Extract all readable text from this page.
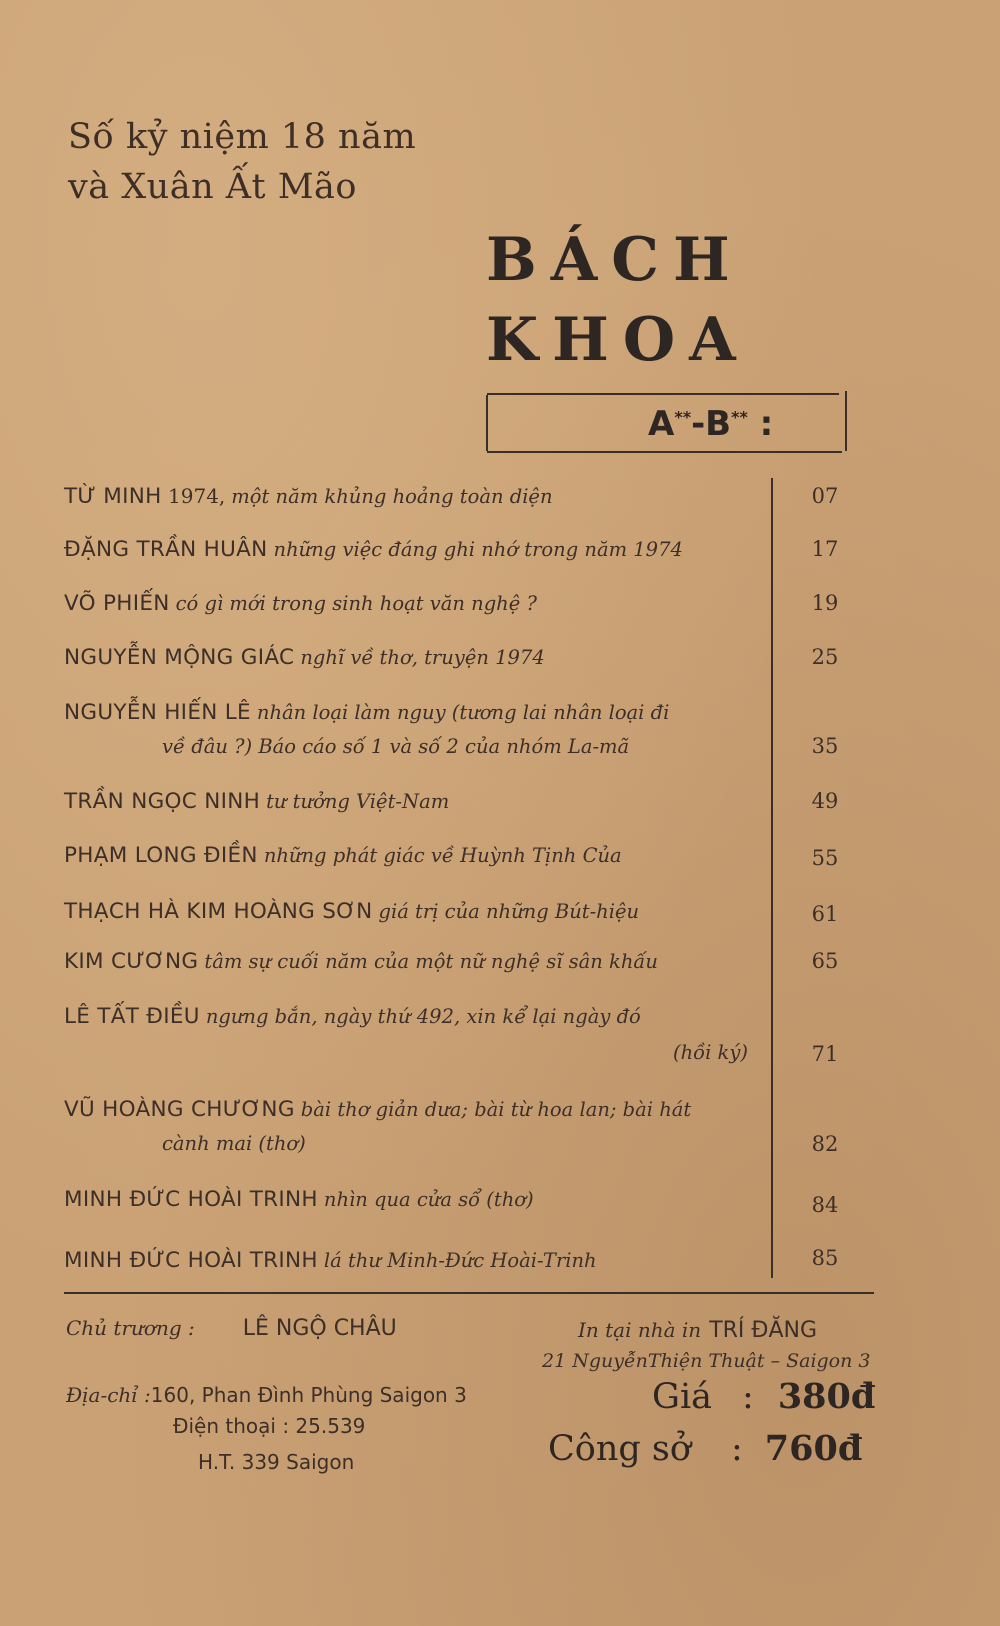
Số kỷ niệm 18 năm
và Xuân Ất Mão
BÁCH
KHOA
A**-B** :
TỪ MINH 1974, một năm khủng hoảng toàn diện	07
ĐẶNG TRẦN HUÂN những việc đáng ghi nhớ trong năm 1974	17
VÕ PHIẾN có gì mới trong sinh hoạt văn nghệ ?	19
NGUYỄN MỘNG GIÁC nghĩ về thơ, truyện 1974	25
NGUYỄN HIẾN LÊ nhân loại làm nguy (tương lai nhân loại đi
về đâu ?) Báo cáo số 1 và số 2 của nhóm La-mã	35
TRẦN NGỌC NINH tư tưởng Việt-Nam	49
PHẠM LONG ĐIỀN những phát giác về Huỳnh Tịnh Của	55
THẠCH HÀ KIM HOÀNG SƠN giá trị của những Bút-hiệu	61
KIM CƯƠNG tâm sự cuối năm của một nữ nghệ sĩ sân khấu	65
LÊ TẤT ĐIỀU ngưng bắn, ngày thứ 492, xin kể lại ngày đó
(hồi ký)	71
VŨ HOÀNG CHƯƠNG bài thơ giản dưa; bài từ hoa lan; bài hát
cành mai (thơ)	82
MINH ĐỨC HOÀI TRINH nhìn qua cửa sổ (thơ)	84
MINH ĐỨC HOÀI TRINH lá thư Minh-Đức Hoài-Trinh	85
Chủ trương : LÊ NGỘ CHÂU
Địa-chỉ :160, Phan Đình Phùng Saigon 3
Điện thoại : 25.539
H.T. 339 Saigon
In tại nhà in TRÍ ĐĂNG
21 NguyễnThiện Thuật – Saigon 3
Giá : 380đ
Công sở : 760đ
